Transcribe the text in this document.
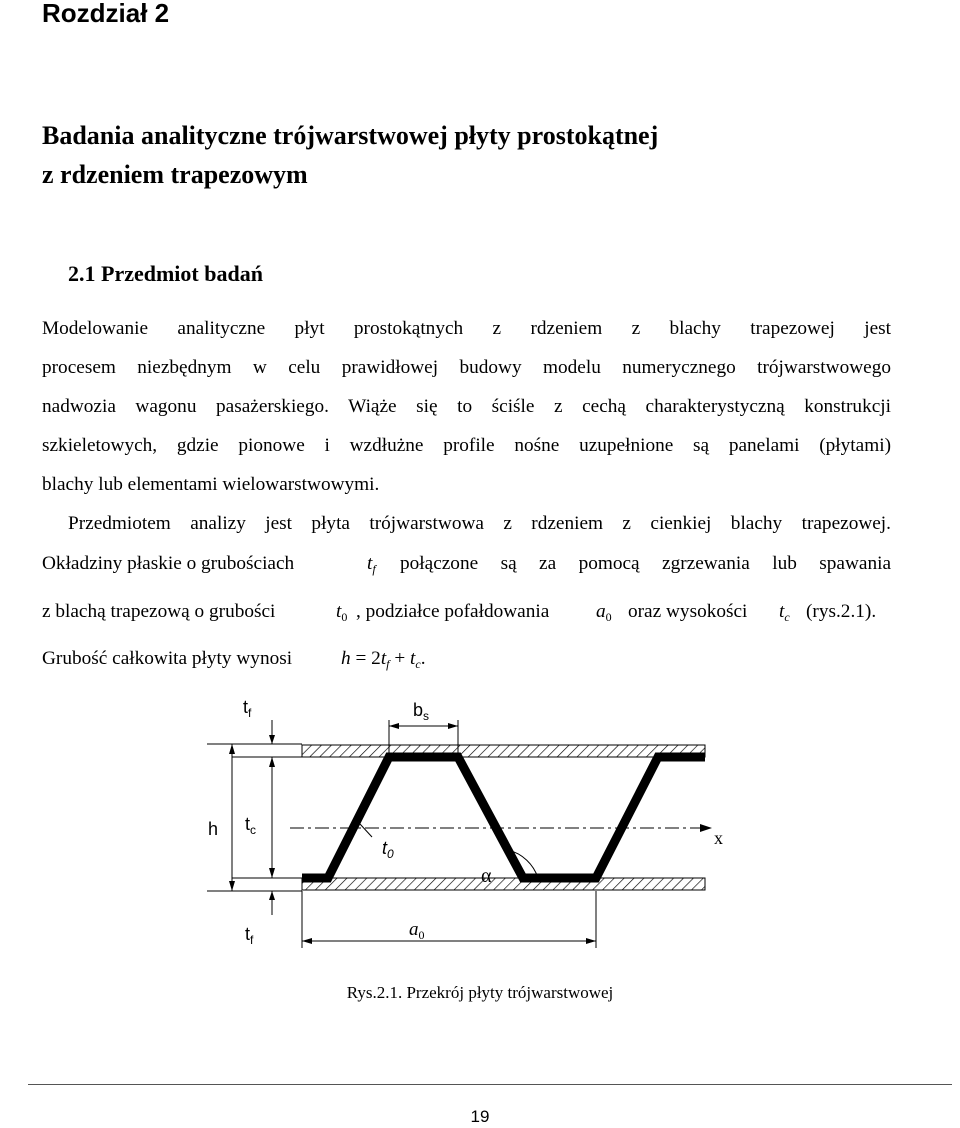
Rozdział 2
Badania analityczne trójwarstwowej płyty prostokątnej
z rdzeniem trapezowym
2.1 Przedmiot badań
Modelowanie analityczne płyt prostokątnych z rdzeniem z blachy trapezowej jest
procesem niezbędnym w celu prawidłowej budowy modelu numerycznego trójwarstwowego
nadwozia wagonu pasażerskiego. Wiąże się to ściśle z cechą charakterystyczną konstrukcji
szkieletowych, gdzie pionowe i wzdłużne profile nośne uzupełnione są panelami (płytami)
blachy lub elementami wielowarstwowymi.
Przedmiotem analizy jest płyta trójwarstwowa z rdzeniem z cienkiej blachy trapezowej.
Okładziny płaskie o grubościach	$t_f$ połączone są za pomocą zgrzewania lub spawania
z blachą trapezową o grubości	$t_0$ , podziałce pofałdowania $a_0$ oraz wysokości $t_c$ (rys.2.1).
Grubość całkowita płyty wynosi	$h = 2t_f + t_c$.
$t_f$	$b_s$
h $t_c$
$t_0$
x
α
$t_f$	$a_0$
Rys.2.1. Przekrój płyty trójwarstwowej
19
